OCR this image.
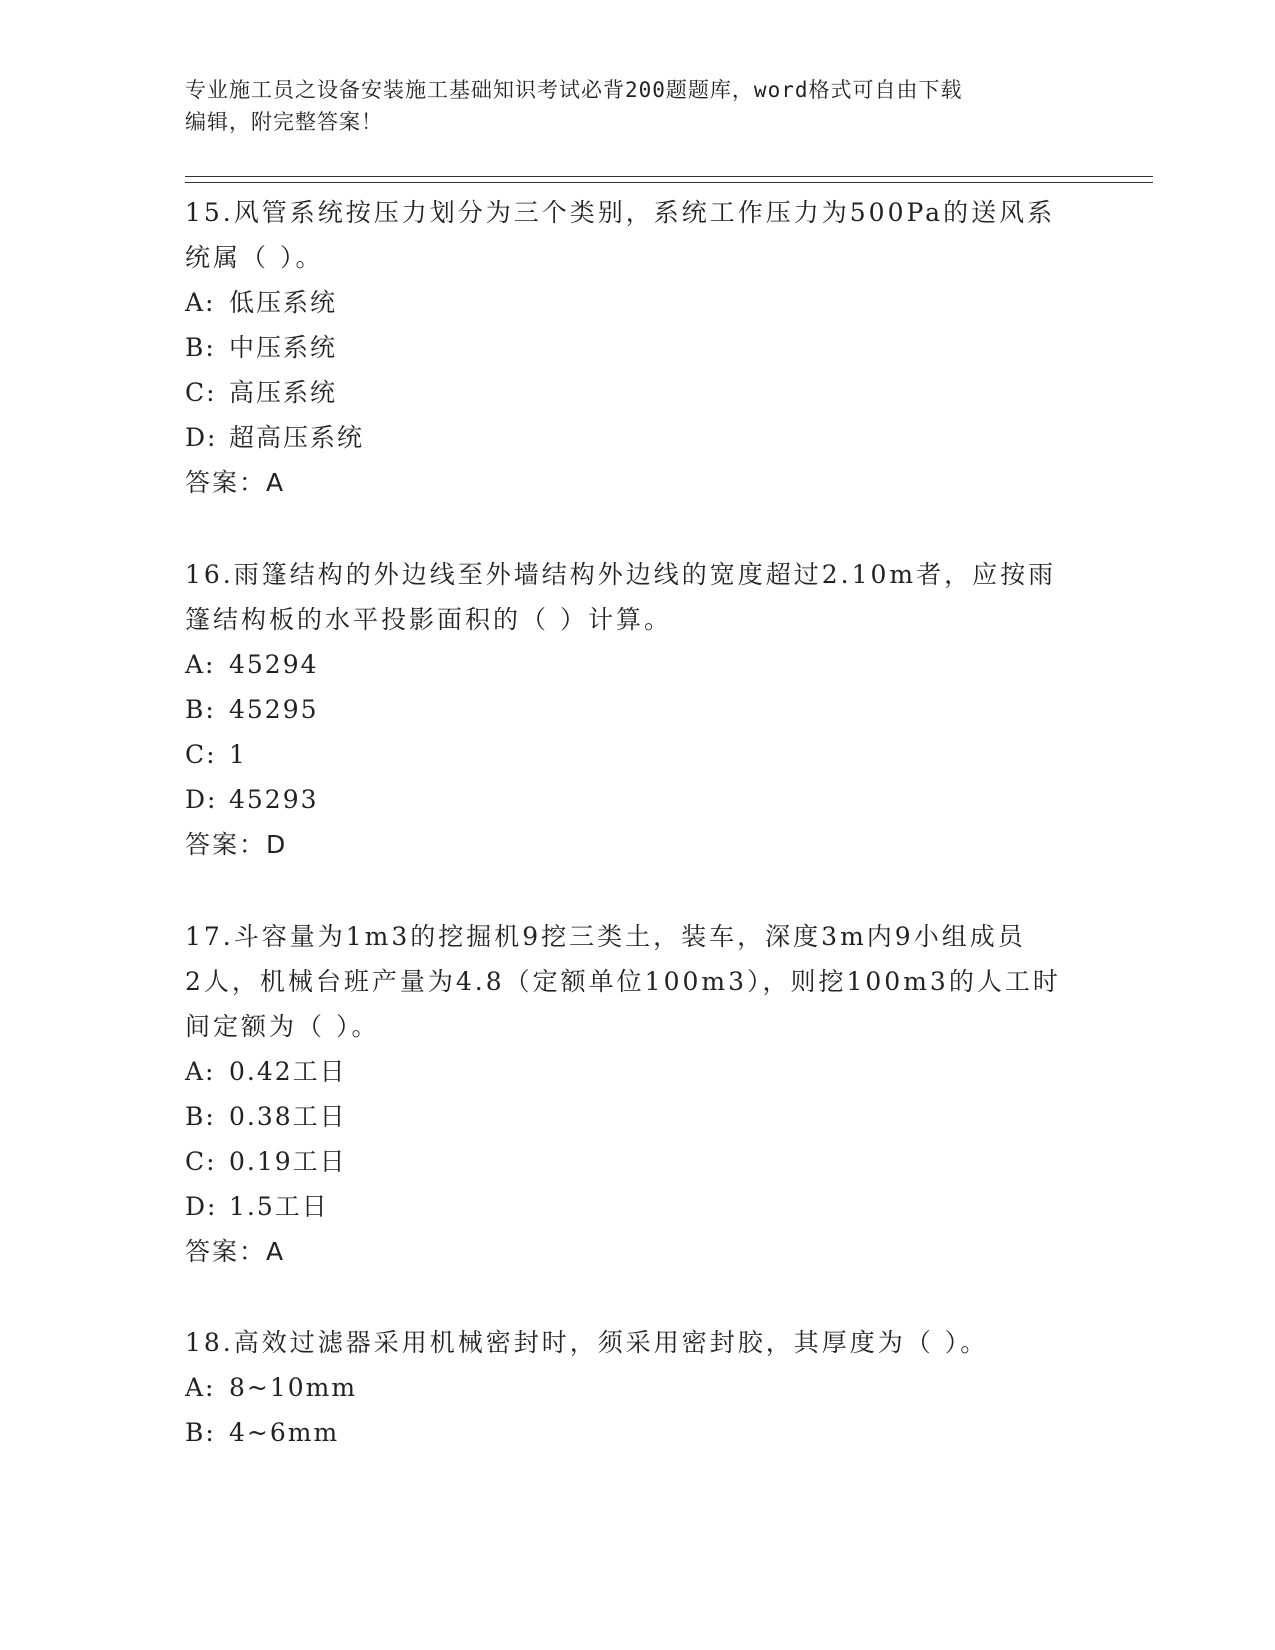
专业施工员之设备安装施工基础知识考试必背200题题库，word格式可自由下载
编辑，附完整答案！
15.风管系统按压力划分为三个类别，系统工作压力为500Pa的送风系
统属（ ）。
A: 低压系统
B: 中压系统
C: 高压系统
D: 超高压系统
答案：A
16.雨篷结构的外边线至外墙结构外边线的宽度超过2.10m者，应按雨
篷结构板的水平投影面积的（ ）计算。
A: 45294
B: 45295
C: 1
D: 45293
答案：D
17.斗容量为1m3的挖掘机9挖三类土，装车，深度3m内9小组成员
2人，机械台班产量为4.8（定额单位100m3），则挖100m3的人工时
间定额为（ ）。
A: 0.42工日
B: 0.38工日
C: 0.19工日
D: 1.5工日
答案：A
18.高效过滤器采用机械密封时，须采用密封胶，其厚度为（ ）。
A: 8~10mm
B: 4~6mm
